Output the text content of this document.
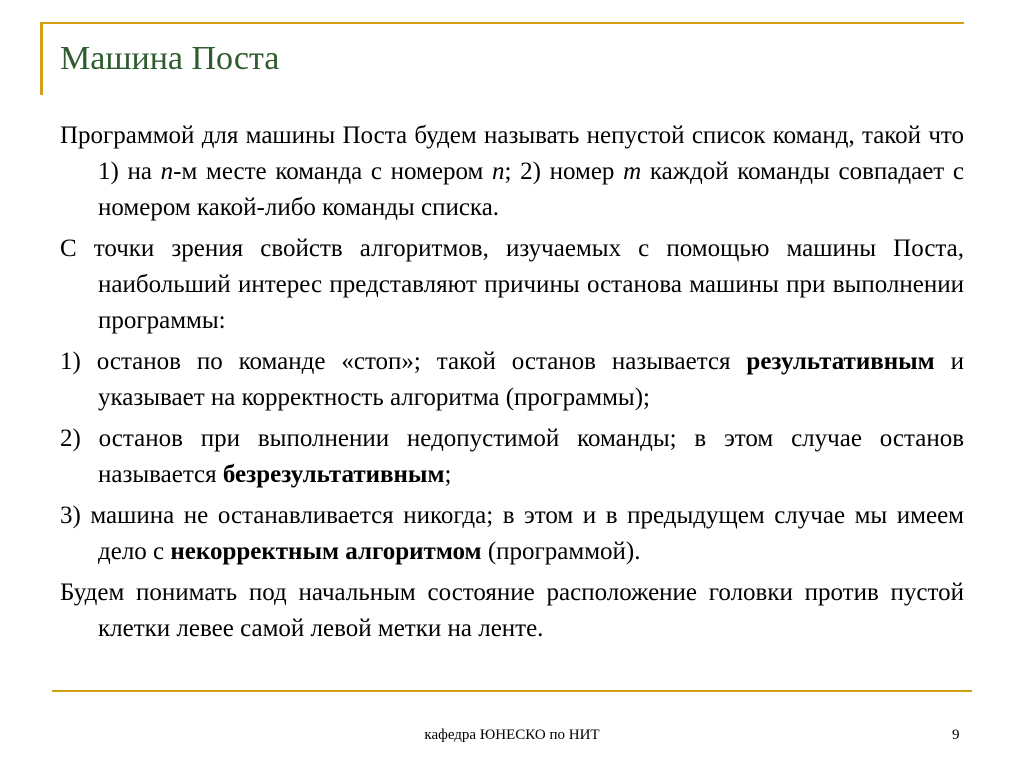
Машина Поста

Программой для машины Поста будем называть непустой список команд, такой что 1) на n-м месте команда с номером n; 2) номер m каждой команды совпадает с номером какой-либо команды списка.

С точки зрения свойств алгоритмов, изучаемых с помощью машины Поста, наибольший интерес представляют причины останова машины при выполнении программы:

1) останов по команде «стоп»; такой останов называется результативным и указывает на корректность алгоритма (программы);

2) останов при выполнении недопустимой команды; в этом случае останов называется безрезультативным;

3) машина не останавливается никогда; в этом и в предыдущем случае мы имеем дело с некорректным алгоритмом (программой).

Будем понимать под начальным состояние расположение головки против пустой клетки левее самой левой метки на ленте.

кафедра ЮНЕСКО по НИТ	9
